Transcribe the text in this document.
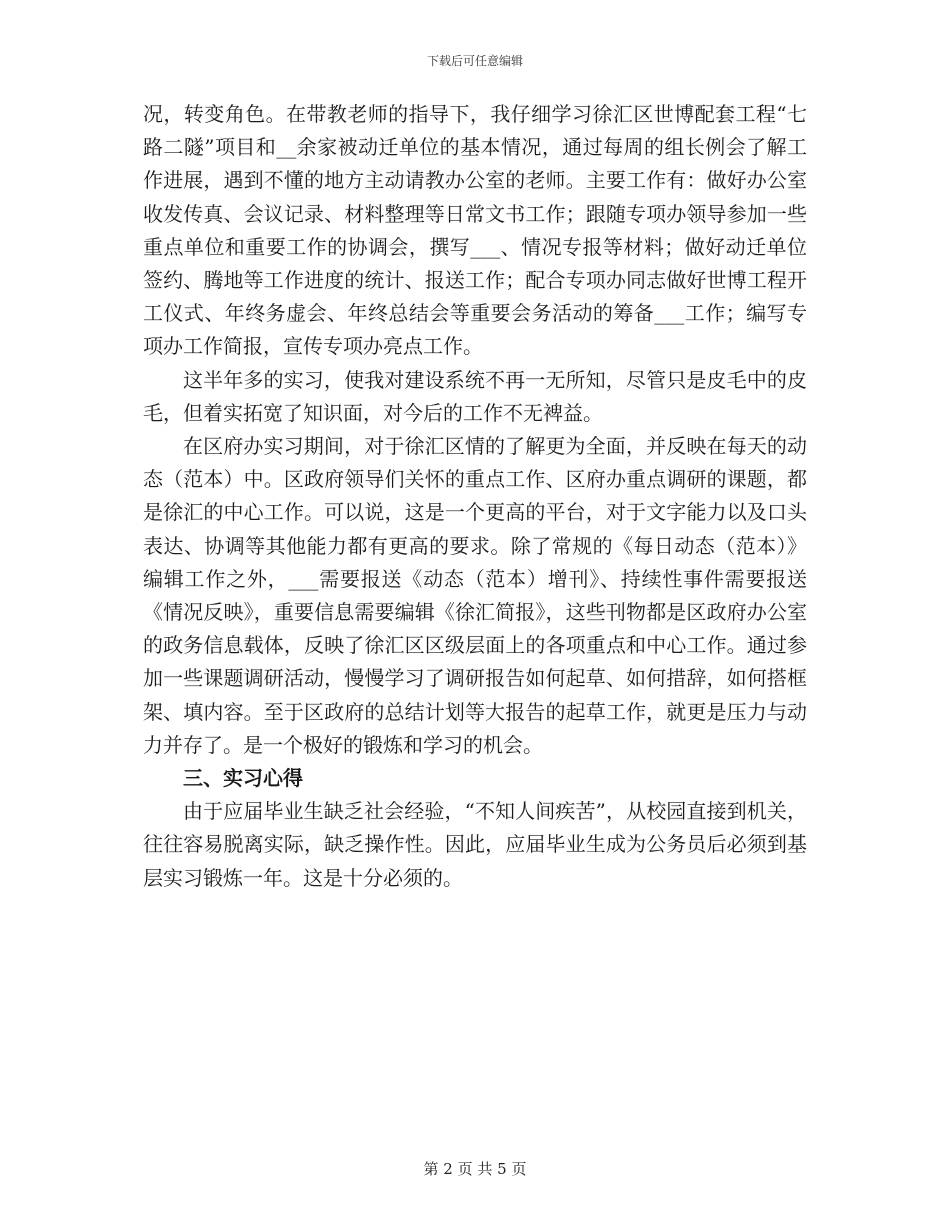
下载后可任意编辑

况，转变角色。在带教老师的指导下，我仔细学习徐汇区世博配套工程“七路二隧”项目和__余家被动迁单位的基本情况，通过每周的组长例会了解工作进展，遇到不懂的地方主动请教办公室的老师。主要工作有：做好办公室收发传真、会议记录、材料整理等日常文书工作；跟随专项办领导参加一些重点单位和重要工作的协调会，撰写___、情况专报等材料；做好动迁单位签约、腾地等工作进度的统计、报送工作；配合专项办同志做好世博工程开工仪式、年终务虚会、年终总结会等重要会务活动的筹备___工作；编写专项办工作简报，宣传专项办亮点工作。

这半年多的实习，使我对建设系统不再一无所知，尽管只是皮毛中的皮毛，但着实拓宽了知识面，对今后的工作不无裨益。

在区府办实习期间，对于徐汇区情的了解更为全面，并反映在每天的动态（范本）中。区政府领导们关怀的重点工作、区府办重点调研的课题，都是徐汇的中心工作。可以说，这是一个更高的平台，对于文字能力以及口头表达、协调等其他能力都有更高的要求。除了常规的《每日动态（范本）》编辑工作之外，___需要报送《动态（范本）增刊》、持续性事件需要报送《情况反映》，重要信息需要编辑《徐汇简报》，这些刊物都是区政府办公室的政务信息载体，反映了徐汇区区级层面上的各项重点和中心工作。通过参加一些课题调研活动，慢慢学习了调研报告如何起草、如何措辞，如何搭框架、填内容。至于区政府的总结计划等大报告的起草工作，就更是压力与动力并存了。是一个极好的锻炼和学习的机会。

三、实习心得

由于应届毕业生缺乏社会经验，“不知人间疾苦”，从校园直接到机关，往往容易脱离实际，缺乏操作性。因此，应届毕业生成为公务员后必须到基层实习锻炼一年。这是十分必须的。

第 2 页 共 5 页
